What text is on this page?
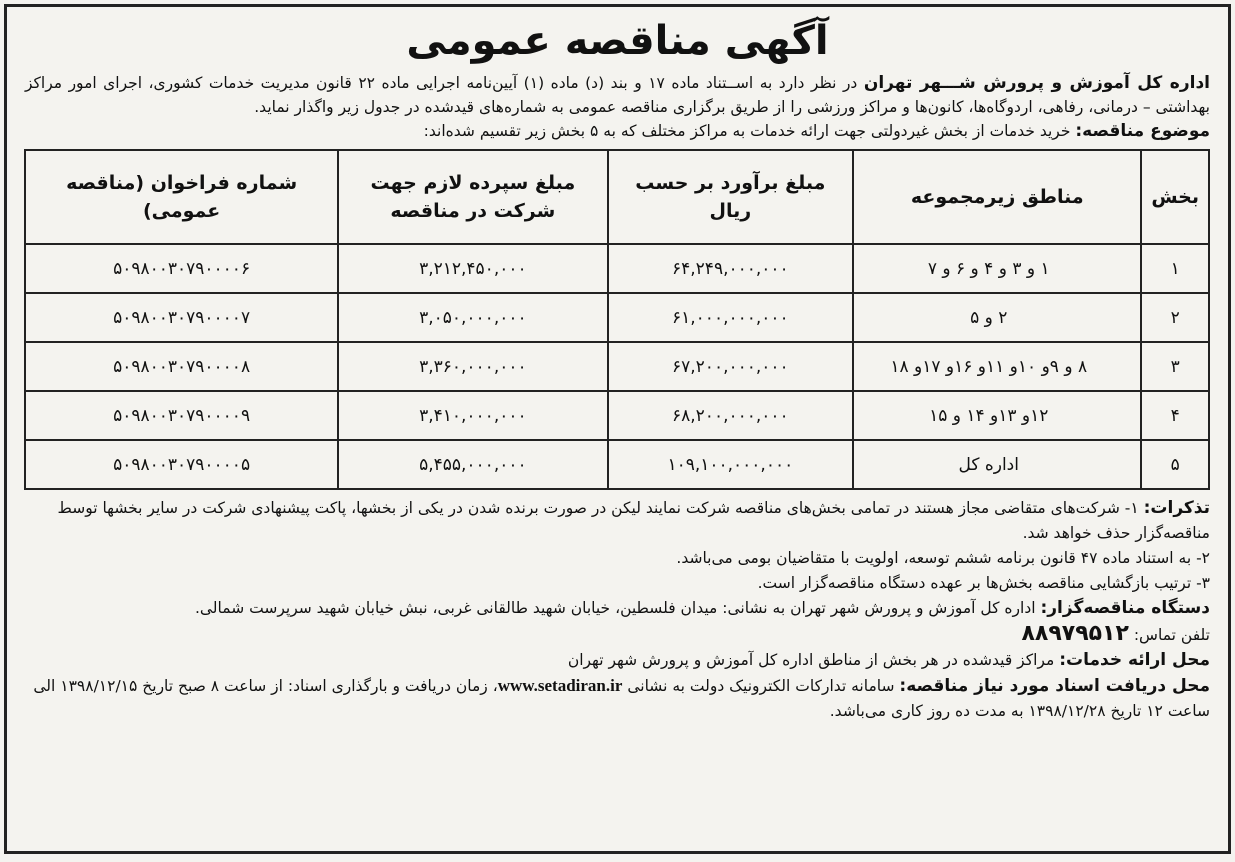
آگهی مناقصه عمومی
اداره کل آموزش و پرورش شـــهر تهران در نظر دارد به اســتناد ماده ۱۷ و بند (د) ماده (۱) آیین‌نامه اجرایی ماده ۲۲ قانون مدیریت خدمات کشوری، اجرای امور مراکز بهداشتی – درمانی، رفاهی، اردوگاه‌ها، کانون‌ها و مراکز ورزشی را از طریق برگزاری مناقصه عمومی به شماره‌های قیدشده در جدول زیر واگذار نماید.
موضوع مناقصه: خرید خدمات از بخش غیردولتی جهت ارائه خدمات به مراکز مختلف که به ۵ بخش زیر تقسیم شده‌اند:
بخش	مناطق زیرمجموعه	مبلغ برآورد بر حسب ریال	مبلغ سپرده لازم جهت شرکت در مناقصه	شماره فراخوان (مناقصه عمومی)
۱	۱ و ۳ و ۴ و ۶ و ۷	۶۴,۲۴۹,۰۰۰,۰۰۰	۳,۲۱۲,۴۵۰,۰۰۰	۵۰۹۸۰۰۳۰۷۹۰۰۰۰۶
۲	۲ و ۵	۶۱,۰۰۰,۰۰۰,۰۰۰	۳,۰۵۰,۰۰۰,۰۰۰	۵۰۹۸۰۰۳۰۷۹۰۰۰۰۷
۳	۸ و ۹و ۱۰و ۱۱و ۱۶و ۱۷و ۱۸	۶۷,۲۰۰,۰۰۰,۰۰۰	۳,۳۶۰,۰۰۰,۰۰۰	۵۰۹۸۰۰۳۰۷۹۰۰۰۰۸
۴	۱۲و ۱۳و ۱۴ و ۱۵	۶۸,۲۰۰,۰۰۰,۰۰۰	۳,۴۱۰,۰۰۰,۰۰۰	۵۰۹۸۰۰۳۰۷۹۰۰۰۰۹
۵	اداره کل	۱۰۹,۱۰۰,۰۰۰,۰۰۰	۵,۴۵۵,۰۰۰,۰۰۰	۵۰۹۸۰۰۳۰۷۹۰۰۰۰۵

تذکرات: ۱- شرکت‌های متقاضی مجاز هستند در تمامی بخش‌های مناقصه شرکت نمایند لیکن در صورت برنده شدن در یکی از بخشها، پاکت پیشنهادی شرکت در سایر بخشها توسط مناقصه‌گزار حذف خواهد شد.

۲- به استناد ماده ۴۷ قانون برنامه ششم توسعه، اولویت با متقاضیان بومی می‌باشد.

۳- ترتیب بازگشایی مناقصه بخش‌ها بر عهده دستگاه مناقصه‌گزار است.

دستگاه مناقصه‌گزار: اداره کل آموزش و پرورش شهر تهران به نشانی: میدان فلسطین، خیابان شهید طالقانی غربی، نبش خیابان شهید سرپرست شمالی.

تلفن تماس: ۸۸۹۷۹۵۱۲

محل ارائه خدمات: مراکز قیدشده در هر بخش از مناطق اداره کل آموزش و پرورش شهر تهران

محل دریافت اسناد مورد نیاز مناقصه: سامانه تدارکات الکترونیک دولت به نشانی www.setadiran.ir، زمان دریافت و بارگذاری اسناد: از ساعت ۸ صبح تاریخ ۱۳۹۸/۱۲/۱۵ الی ساعت ۱۲ تاریخ ۱۳۹۸/۱۲/۲۸ به مدت ده روز کاری می‌باشد.
